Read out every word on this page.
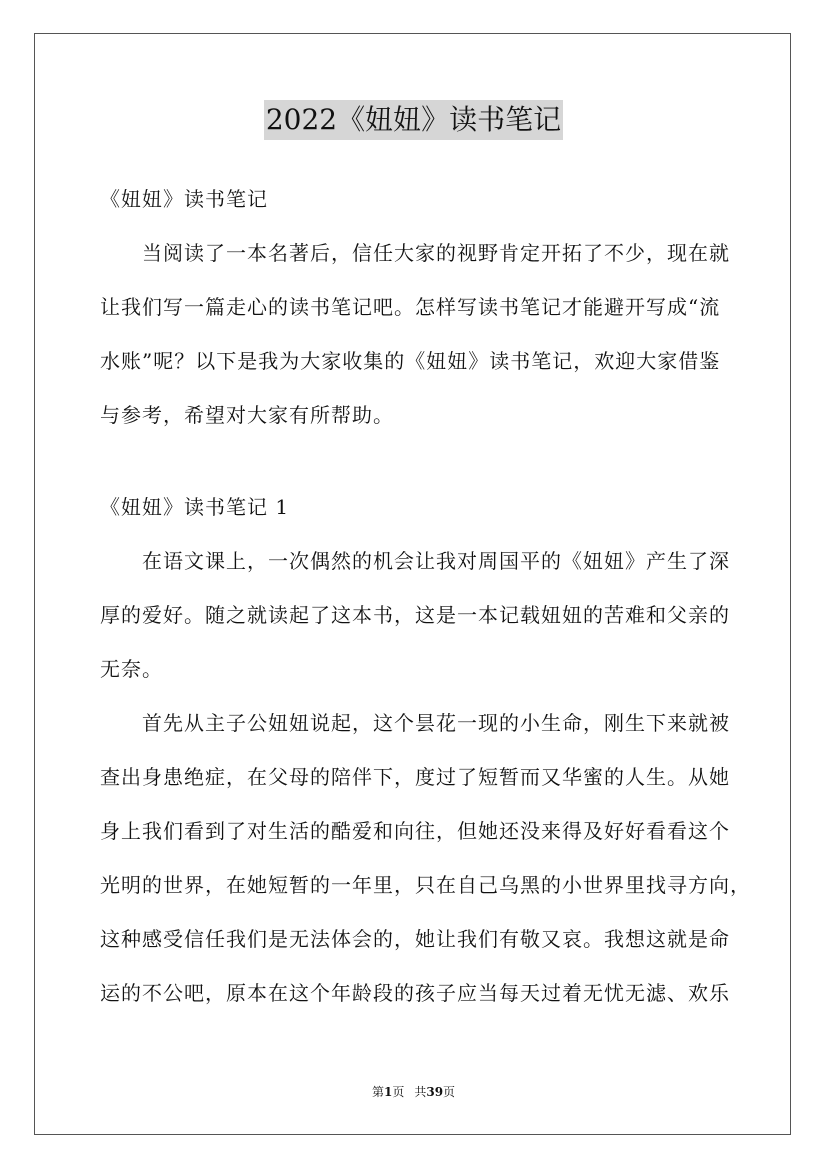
2022《妞妞》读书笔记
《妞妞》读书笔记
当阅读了一本名著后，信任大家的视野肯定开拓了不少，现在就
让我们写一篇走心的读书笔记吧。怎样写读书笔记才能避开写成“流
水账”呢？以下是我为大家收集的《妞妞》读书笔记，欢迎大家借鉴
与参考，希望对大家有所帮助。
《妞妞》读书笔记 1
在语文课上，一次偶然的机会让我对周国平的《妞妞》产生了深
厚的爱好。随之就读起了这本书，这是一本记载妞妞的苦难和父亲的
无奈。
首先从主子公妞妞说起，这个昙花一现的小生命，刚生下来就被
查出身患绝症，在父母的陪伴下，度过了短暂而又华蜜的人生。从她
身上我们看到了对生活的酷爱和向往，但她还没来得及好好看看这个
光明的世界，在她短暂的一年里，只在自己乌黑的小世界里找寻方向，
这种感受信任我们是无法体会的，她让我们有敬又哀。我想这就是命
运的不公吧，原本在这个年龄段的孩子应当每天过着无忧无滤、欢乐
第1页 共39页
